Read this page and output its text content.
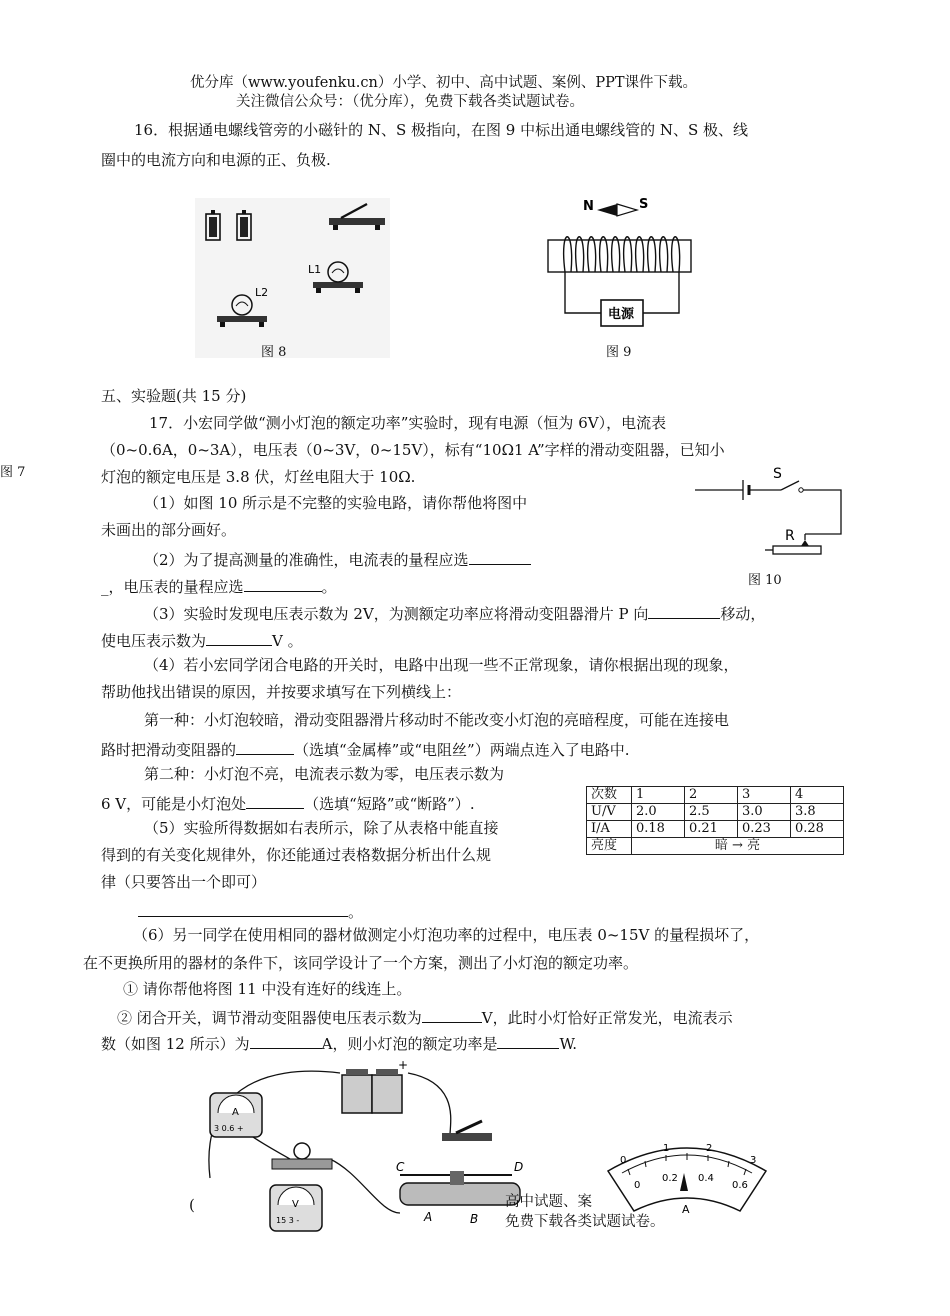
优分库（www.youfenku.cn）小学、初中、高中试题、案例、PPT课件下载。
关注微信公众号：（优分库），免费下载各类试题试卷。
16．根据通电螺线管旁的小磁针的 N、S 极指向，在图 9 中标出通电螺线管的 N、S 极、线
圈中的电流方向和电源的正、负极.
L1
L2
图 8
N	S
电源
图 9
五、实验题(共 15 分)
17．小宏同学做“测小灯泡的额定功率”实验时，现有电源（恒为 6V），电流表
（0~0.6A，0~3A），电压表（0~3V，0~15V），标有“10Ω1 A”字样的滑动变阻器，已知小
图 7	灯泡的额定电压是 3.8 伏，灯丝电阻大于 10Ω.	S
R
图 10
（1）如图 10 所示是不完整的实验电路，请你帮他将图中
未画出的部分画好。
（2）为了提高测量的准确性，电流表的量程应选
_，电压表的量程应选	。
（3）实验时发现电压表示数为 2V，为测额定功率应将滑动变阻器滑片 P 向	移动，
使电压表示数为	V 。
（4）若小宏同学闭合电路的开关时，电路中出现一些不正常现象，请你根据出现的现象，
帮助他找出错误的原因，并按要求填写在下列横线上：
第一种：小灯泡较暗，滑动变阻器滑片移动时不能改变小灯泡的亮暗程度，可能在连接电
路时把滑动变阻器的	（选填“金属棒”或“电阻丝”）两端点连入了电路中.
第二种：小灯泡不亮，电流表示数为零，电压表示数为
6 V，可能是小灯泡处	（选填“短路”或“断路”）.
（5）实验所得数据如右表所示，除了从表格中能直接
得到的有关变化规律外，你还能通过表格数据分析出什么规
律（只要答出一个即可）
。
次数	1	2	3	4
U/V	2.0	2.5	3.0	3.8
I/A	0.18	0.21	0.23	0.28
亮度	暗 → 亮			
（6）另一同学在使用相同的器材做测定小灯泡功率的过程中，电压表 0~15V 的量程损坏了，
在不更换所用的器材的条件下，该同学设计了一个方案，测出了小灯泡的额定功率。
① 请你帮他将图 11 中没有连好的线连上。
② 闭合开关，调节滑动变阻器使电压表示数为	V，此时小灯恰好正常发光，电流表示
数（如图 12 所示）为	A，则小灯泡的额定功率是	W.
A
3 0.6 +
+
V
15 3 -
C	D
A	B
0
1	2
3
0
0.2 0.4
0.6
A
(	高中试题、案
免费下载各类试题试卷。
